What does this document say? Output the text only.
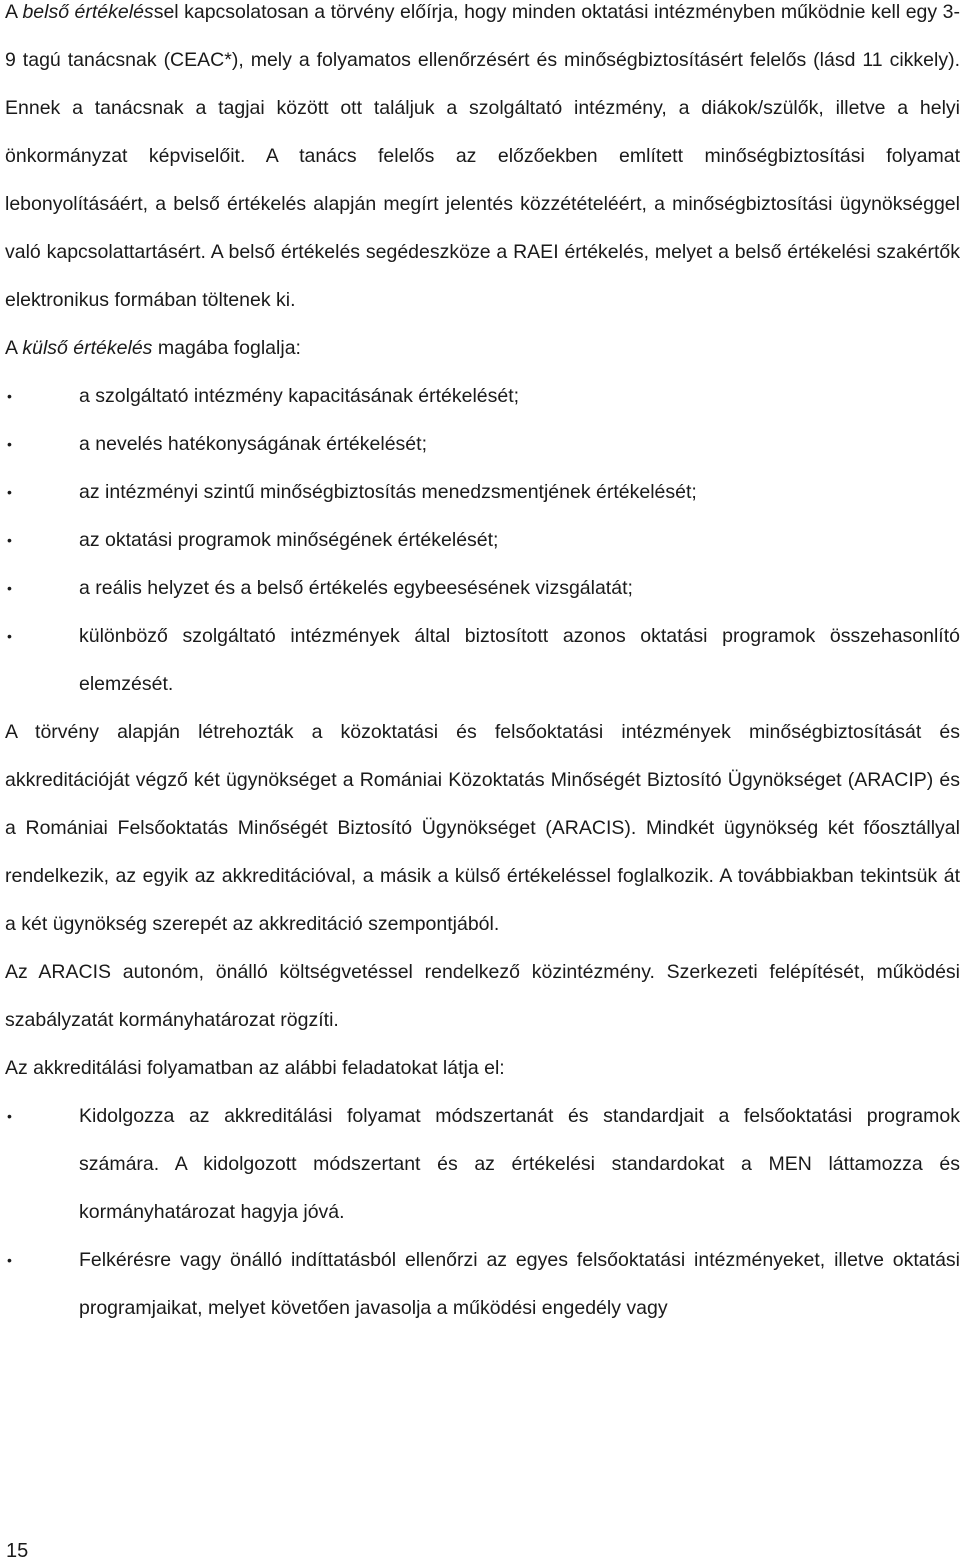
A belső értékeléssel kapcsolatosan a törvény előírja, hogy minden oktatási intézményben működnie kell egy 3-9 tagú tanácsnak (CEAC*), mely a folyamatos ellenőrzésért és minőségbiztosításért felelős (lásd 11 cikkely). Ennek a tanácsnak a tagjai között ott találjuk a szolgáltató intézmény, a diákok/szülők, illetve a helyi önkormányzat képviselőit. A tanács felelős az előzőekben említett minőségbiztosítási folyamat lebonyolításáért, a belső értékelés alapján megírt jelentés közzétételéért, a minőségbiztosítási ügynökséggel való kapcsolattartásért. A belső értékelés segédeszköze a RAEI értékelés, melyet a belső értékelési szakértők elektronikus formában töltenek ki.

A külső értékelés magába foglalja:

•	a szolgáltató intézmény kapacitásának értékelését;
•	a nevelés hatékonyságának értékelését;
•	az intézményi szintű minőségbiztosítás menedzsmentjének értékelését;
•	az oktatási programok minőségének értékelését;
•	a reális helyzet és a belső értékelés egybeesésének vizsgálatát;
•	különböző szolgáltató intézmények által biztosított azonos oktatási programok összehasonlító elemzését.

A törvény alapján létrehozták a közoktatási és felsőoktatási intézmények minőségbiztosítását és akkreditációját végző két ügynökséget a Romániai Közoktatás Minőségét Biztosító Ügynökséget (ARACIP) és a Romániai Felsőoktatás Minőségét Biztosító Ügynökséget (ARACIS). Mindkét ügynökség két főosztállyal rendelkezik, az egyik az akkreditációval, a másik a külső értékeléssel foglalkozik. A továbbiakban tekintsük át a két ügynökség szerepét az akkreditáció szempontjából.

Az ARACIS autonóm, önálló költségvetéssel rendelkező közintézmény. Szerkezeti felépítését, működési szabályzatát kormányhatározat rögzíti.

Az akkreditálási folyamatban az alábbi feladatokat látja el:

•	Kidolgozza az akkreditálási folyamat módszertanát és standardjait a felsőoktatási programok számára. A kidolgozott módszertant és az értékelési standardokat a MEN láttamozza és kormányhatározat hagyja jóvá.
•	Felkérésre vagy önálló indíttatásból ellenőrzi az egyes felsőoktatási intézményeket, illetve oktatási programjaikat, melyet követően javasolja a működési engedély vagy
15
